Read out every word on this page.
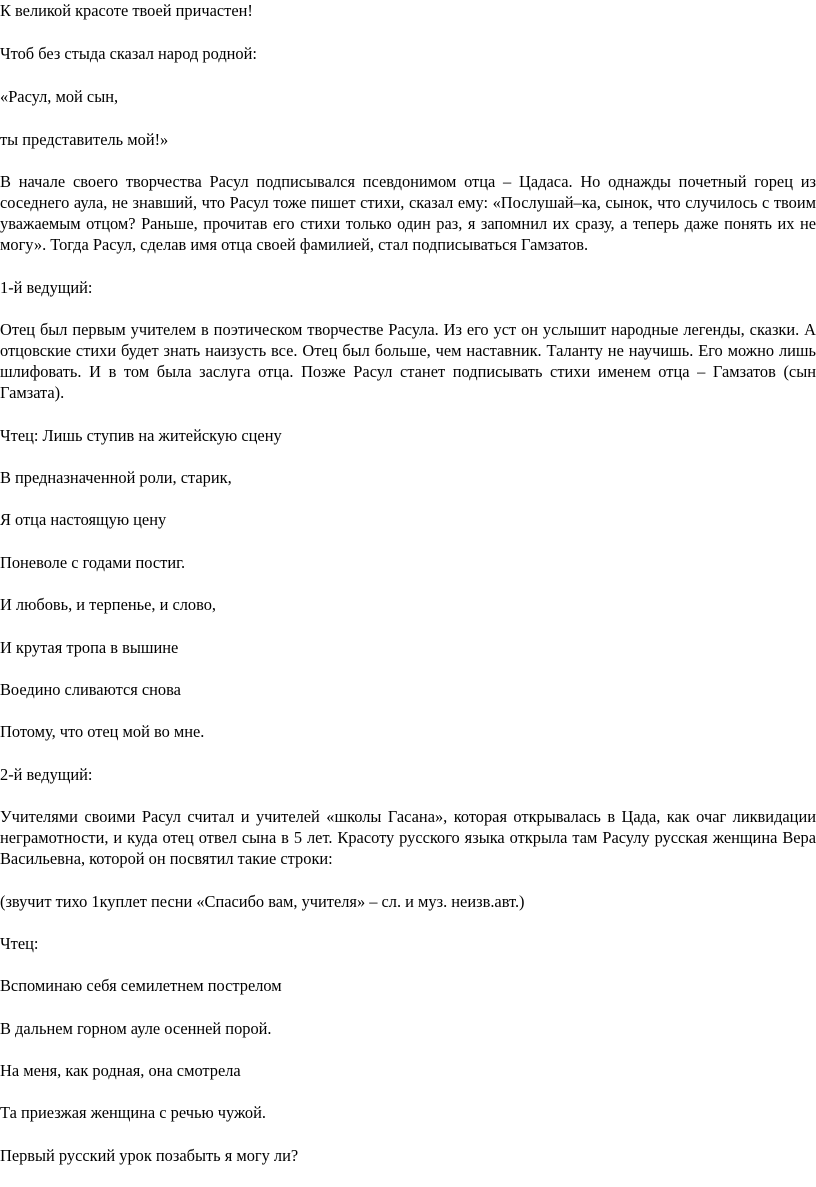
К великой красоте твоей причастен!

Чтоб без стыда сказал народ родной:

«Расул, мой сын,

ты представитель мой!»

В начале своего творчества Расул подписывался псевдонимом отца – Цадаса. Но однажды почетный горец из соседнего аула, не знавший, что Расул тоже пишет стихи, сказал ему: «Послушай–ка, сынок, что случилось с твоим уважаемым отцом? Раньше, прочитав его стихи только один раз, я запомнил их сразу, а теперь даже понять их не могу». Тогда Расул, сделав имя отца своей фамилией, стал подписываться Гамзатов.

1-й ведущий:

Отец был первым учителем в поэтическом творчестве Расула. Из его уст он услышит народные легенды, сказки. А отцовские стихи будет знать наизусть все. Отец был больше, чем наставник. Таланту не научишь. Его можно лишь шлифовать. И в том была заслуга отца. Позже Расул станет подписывать стихи именем отца – Гамзатов (сын Гамзата).

Чтец: Лишь ступив на житейскую сцену

В предназначенной роли, старик,

Я отца настоящую цену

Поневоле с годами постиг.

И любовь, и терпенье, и слово,

И крутая тропа в вышине

Воедино сливаются снова

Потому, что отец мой во мне.

2-й ведущий:

Учителями своими Расул считал и учителей «школы Гасана», которая открывалась в Цада, как очаг ликвидации неграмотности, и куда отец отвел сына в 5 лет. Красоту русского языка открыла там Расулу русская женщина Вера Васильевна, которой он посвятил такие строки:

(звучит тихо 1куплет песни «Спасибо вам, учителя» – сл. и муз. неизв.авт.)

Чтец:

Вспоминаю себя семилетнем пострелом

В дальнем горном ауле осенней порой.

На меня, как родная, она смотрела

Та приезжая женщина с речью чужой.

Первый русский урок позабыть я могу ли?
